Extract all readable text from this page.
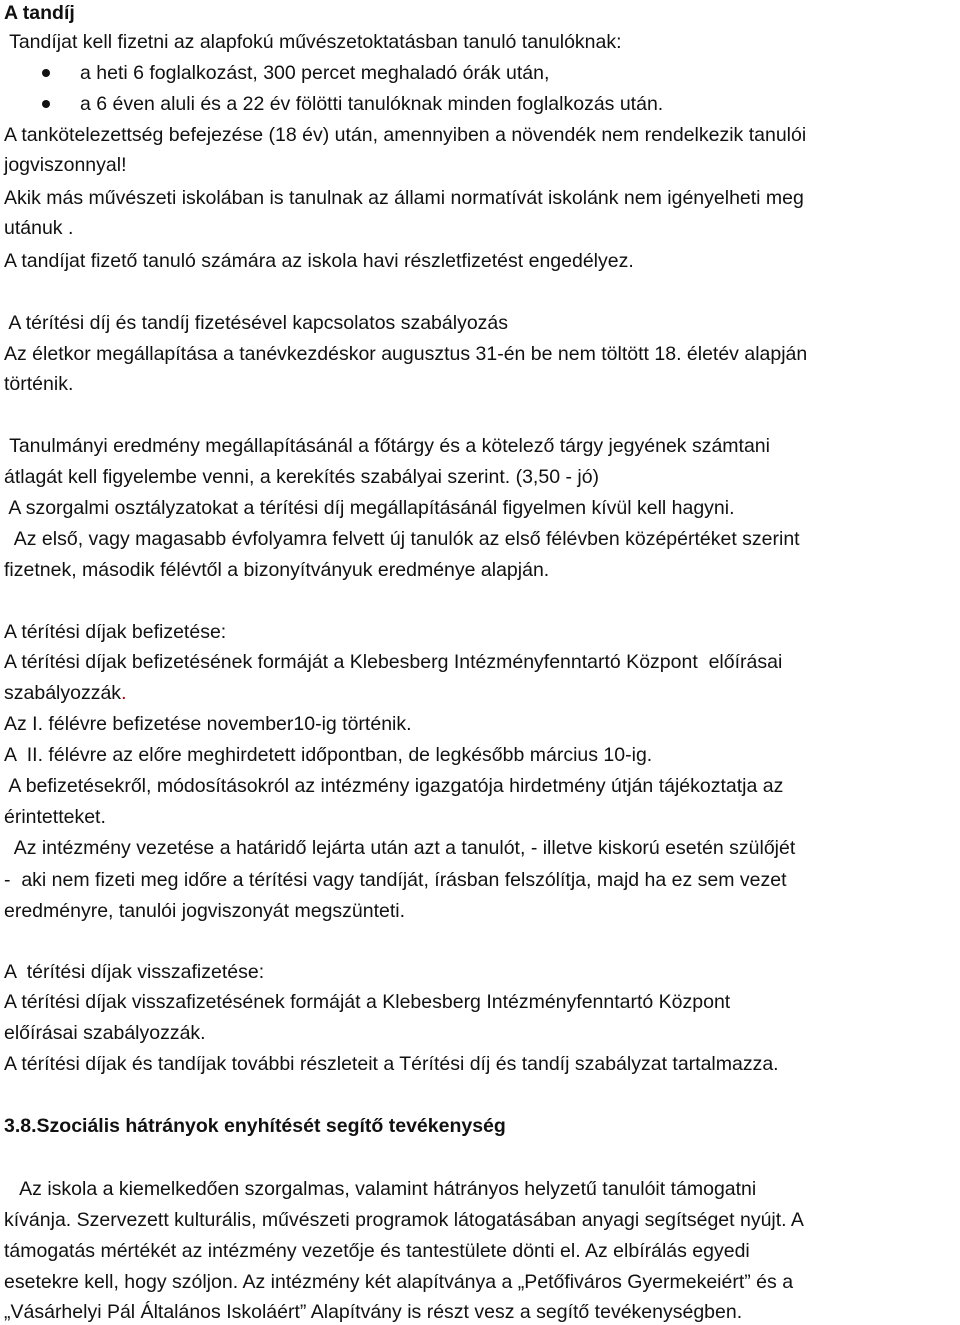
A tandíj
Tandíjat kell fizetni az alapfokú művészetoktatásban tanuló tanulóknak:

a heti 6 foglalkozást, 300 percet meghaladó órák után,

a 6 éven aluli és a 22 év fölötti tanulóknak minden foglalkozás után.

A tankötelezettség befejezése (18 év) után, amennyiben a növendék nem rendelkezik tanulói
jogviszonnyal!
Akik más művészeti iskolában is tanulnak az állami normatívát iskolánk nem igényelheti meg
utánuk .
A tandíjat fizető tanuló számára az iskola havi részletfizetést engedélyez.
A térítési díj és tandíj fizetésével kapcsolatos szabályozás
Az életkor megállapítása a tanévkezdéskor augusztus 31-én be nem töltött 18. életév alapján
történik.
Tanulmányi eredmény megállapításánál a főtárgy és a kötelező tárgy jegyének számtani
átlagát kell figyelembe venni, a kerekítés szabályai szerint. (3,50 - jó)
A szorgalmi osztályzatokat a térítési díj megállapításánál figyelmen kívül kell hagyni.
Az első, vagy magasabb évfolyamra felvett új tanulók az első félévben középértéket szerint
fizetnek, második félévtől a bizonyítványuk eredménye alapján.
A térítési díjak befizetése:
A térítési díjak befizetésének formáját a Klebesberg Intézményfenntartó Központ  előírásai
szabályozzák.
Az I. félévre befizetése november10-ig történik.
A  II. félévre az előre meghirdetett időpontban, de legkésőbb március 10-ig.
A befizetésekről, módosításokról az intézmény igazgatója hirdetmény útján tájékoztatja az
érintetteket.
Az intézmény vezetése a határidő lejárta után azt a tanulót, - illetve kiskorú esetén szülőjét
-  aki nem fizeti meg időre a térítési vagy tandíját, írásban felszólítja, majd ha ez sem vezet
eredményre, tanulói jogviszonyát megszünteti.
A  térítési díjak visszafizetése:
A térítési díjak visszafizetésének formáját a Klebesberg Intézményfenntartó Központ
előírásai szabályozzák.
A térítési díjak és tandíjak további részleteit a Térítési díj és tandíj szabályzat tartalmazza.
3.8.Szociális hátrányok enyhítését segítő tevékenység
Az iskola a kiemelkedően szorgalmas, valamint hátrányos helyzetű tanulóit támogatni
kívánja. Szervezett kulturális, művészeti programok látogatásában anyagi segítséget nyújt. A
támogatás mértékét az intézmény vezetője és tantestülete dönti el. Az elbírálás egyedi
esetekre kell, hogy szóljon. Az intézmény két alapítványa a „Petőfiváros Gyermekeiért” és a
„Vásárhelyi Pál Általános Iskoláért” Alapítvány is részt vesz a segítő tevékenységben.
